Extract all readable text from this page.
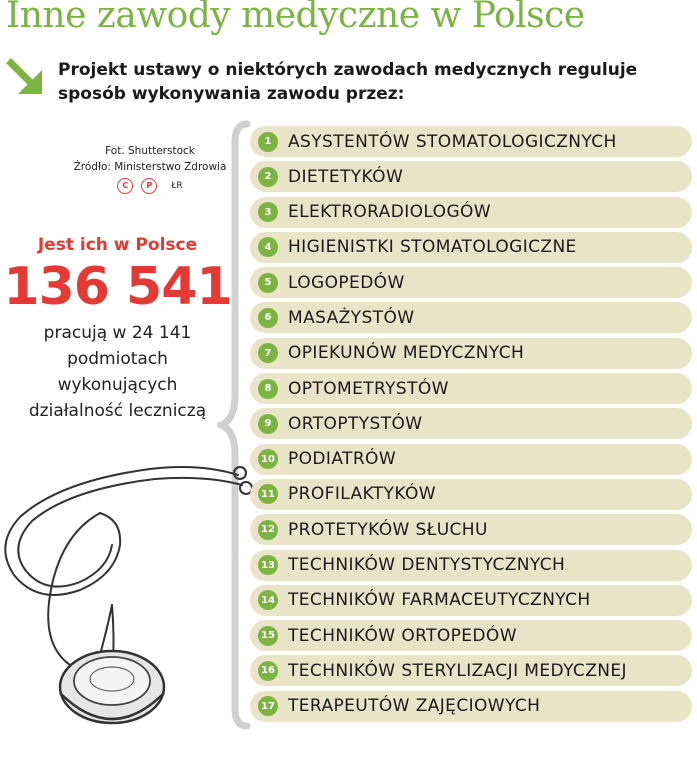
Inne zawody medyczne w Polsce
Projekt ustawy o niektórych zawodach medycznych reguluje sposób wykonywania zawodu przez:
Fot. Shutterstock
Źródło: Ministerstwo Zdrowia
C	P	ŁR
Jest ich w Polsce
136 541
pracują w 24 141 podmiotach wykonujących działalność leczniczą
1 ASYSTENTÓW STOMATOLOGICZNYCH
2 DIETETYKÓW
3 ELEKTRORADIOLOGÓW
4 HIGIENISTKI STOMATOLOGICZNE
5 LOGOPEDÓW
6 MASAŻYSTÓW
7 OPIEKUNÓW MEDYCZNYCH
8 OPTOMETRYSTÓW
9 ORTOPTYSTÓW
10 PODIATRÓW
11 PROFILAKTYKÓW
12 PROTETYKÓW SŁUCHU
13 TECHNIKÓW DENTYSTYCZNYCH
14 TECHNIKÓW FARMACEUTYCZNYCH
15 TECHNIKÓW ORTOPEDÓW
16 TECHNIKÓW STERYLIZACJI MEDYCZNEJ
17 TERAPEUTÓW ZAJĘCIOWYCH
